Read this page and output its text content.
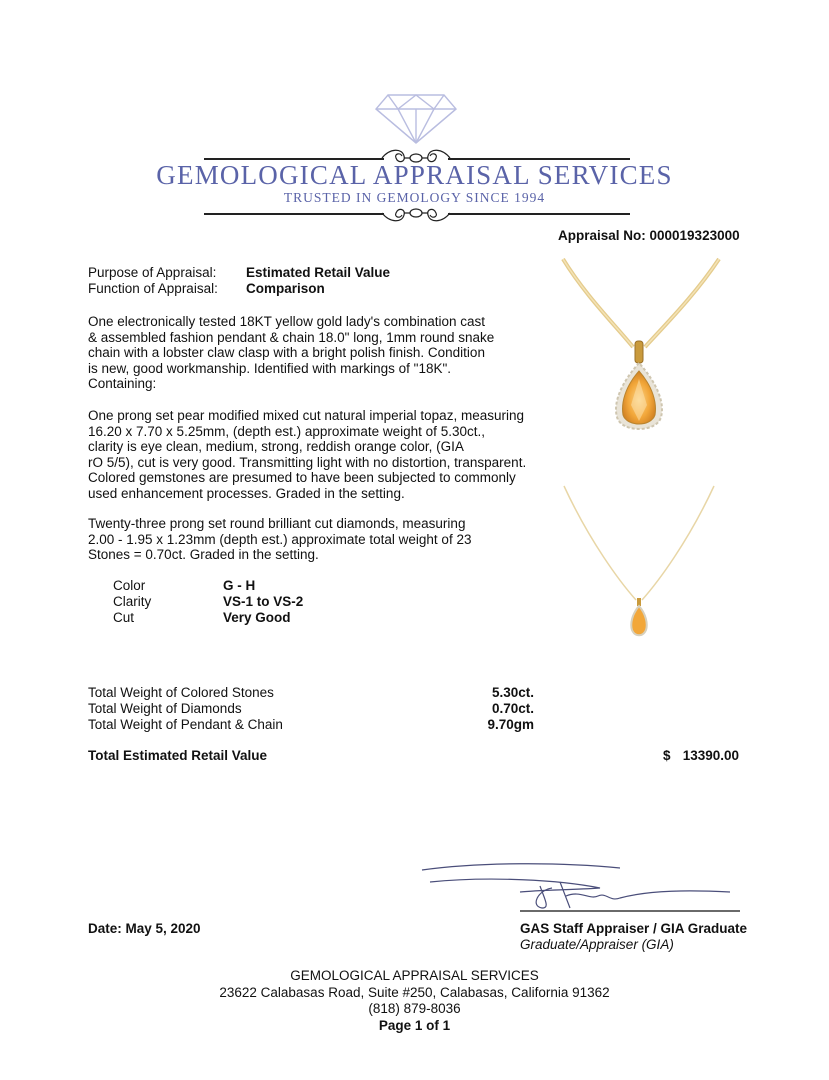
GEMOLOGICAL APPRAISAL SERVICES
TRUSTED IN GEMOLOGY SINCE 1994
Appraisal No: 000019323000
Purpose of Appraisal: Estimated Retail Value
Function of Appraisal: Comparison
One electronically tested 18KT yellow gold lady's combination cast
& assembled fashion pendant & chain 18.0" long, 1mm round snake
chain with a lobster claw clasp with a bright polish finish. Condition
is new, good workmanship. Identified with markings of "18K".
Containing:
One prong set pear modified mixed cut natural imperial topaz, measuring
16.20 x 7.70 x 5.25mm, (depth est.) approximate weight of 5.30ct.,
clarity is eye clean, medium, strong, reddish orange color, (GIA
rO 5/5), cut is very good. Transmitting light with no distortion, transparent.
Colored gemstones are presumed to have been subjected to commonly
used enhancement processes. Graded in the setting.
Twenty-three prong set round brilliant cut diamonds, measuring
2.00 - 1.95 x 1.23mm (depth est.) approximate total weight of 23
Stones = 0.70ct. Graded in the setting.
Color	G - H
Clarity	VS-1 to VS-2
Cut	Very Good
Total Weight of Colored Stones	5.30ct.
Total Weight of Diamonds	0.70ct.
Total Weight of Pendant & Chain	9.70gm
Total Estimated Retail Value	$ 13390.00
Date: May 5, 2020	GAS Staff Appraiser / GIA Graduate
Graduate/Appraiser (GIA)
GEMOLOGICAL APPRAISAL SERVICES
23622 Calabasas Road, Suite #250, Calabasas, California 91362
(818) 879-8036
Page 1 of 1
